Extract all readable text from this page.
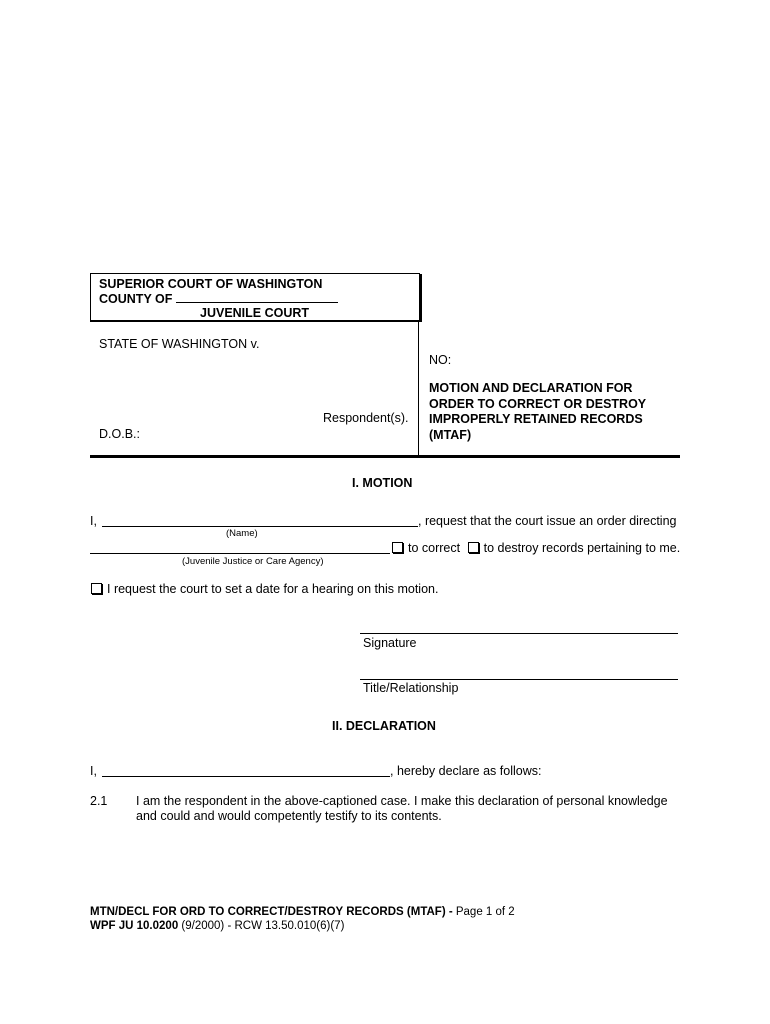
SUPERIOR COURT OF WASHINGTON
COUNTY OF
JUVENILE COURT
STATE OF WASHINGTON v.
NO:
MOTION AND DECLARATION FOR
ORDER TO CORRECT OR DESTROY
IMPROPERLY RETAINED RECORDS
(MTAF)
Respondent(s).
D.O.B.:
I. MOTION
I,	, request that the court issue an order directing
(Name)
to correct to destroy records pertaining to me.
(Juvenile Justice or Care Agency)
I request the court to set a date for a hearing on this motion.
Signature
Title/Relationship
II. DECLARATION
I,	, hereby declare as follows:
2.1 I am the respondent in the above-captioned case. I make this declaration of personal knowledge
and could and would competently testify to its contents.
MTN/DECL FOR ORD TO CORRECT/DESTROY RECORDS (MTAF) - Page 1 of 2
WPF JU 10.0200 (9/2000) - RCW 13.50.010(6)(7)
